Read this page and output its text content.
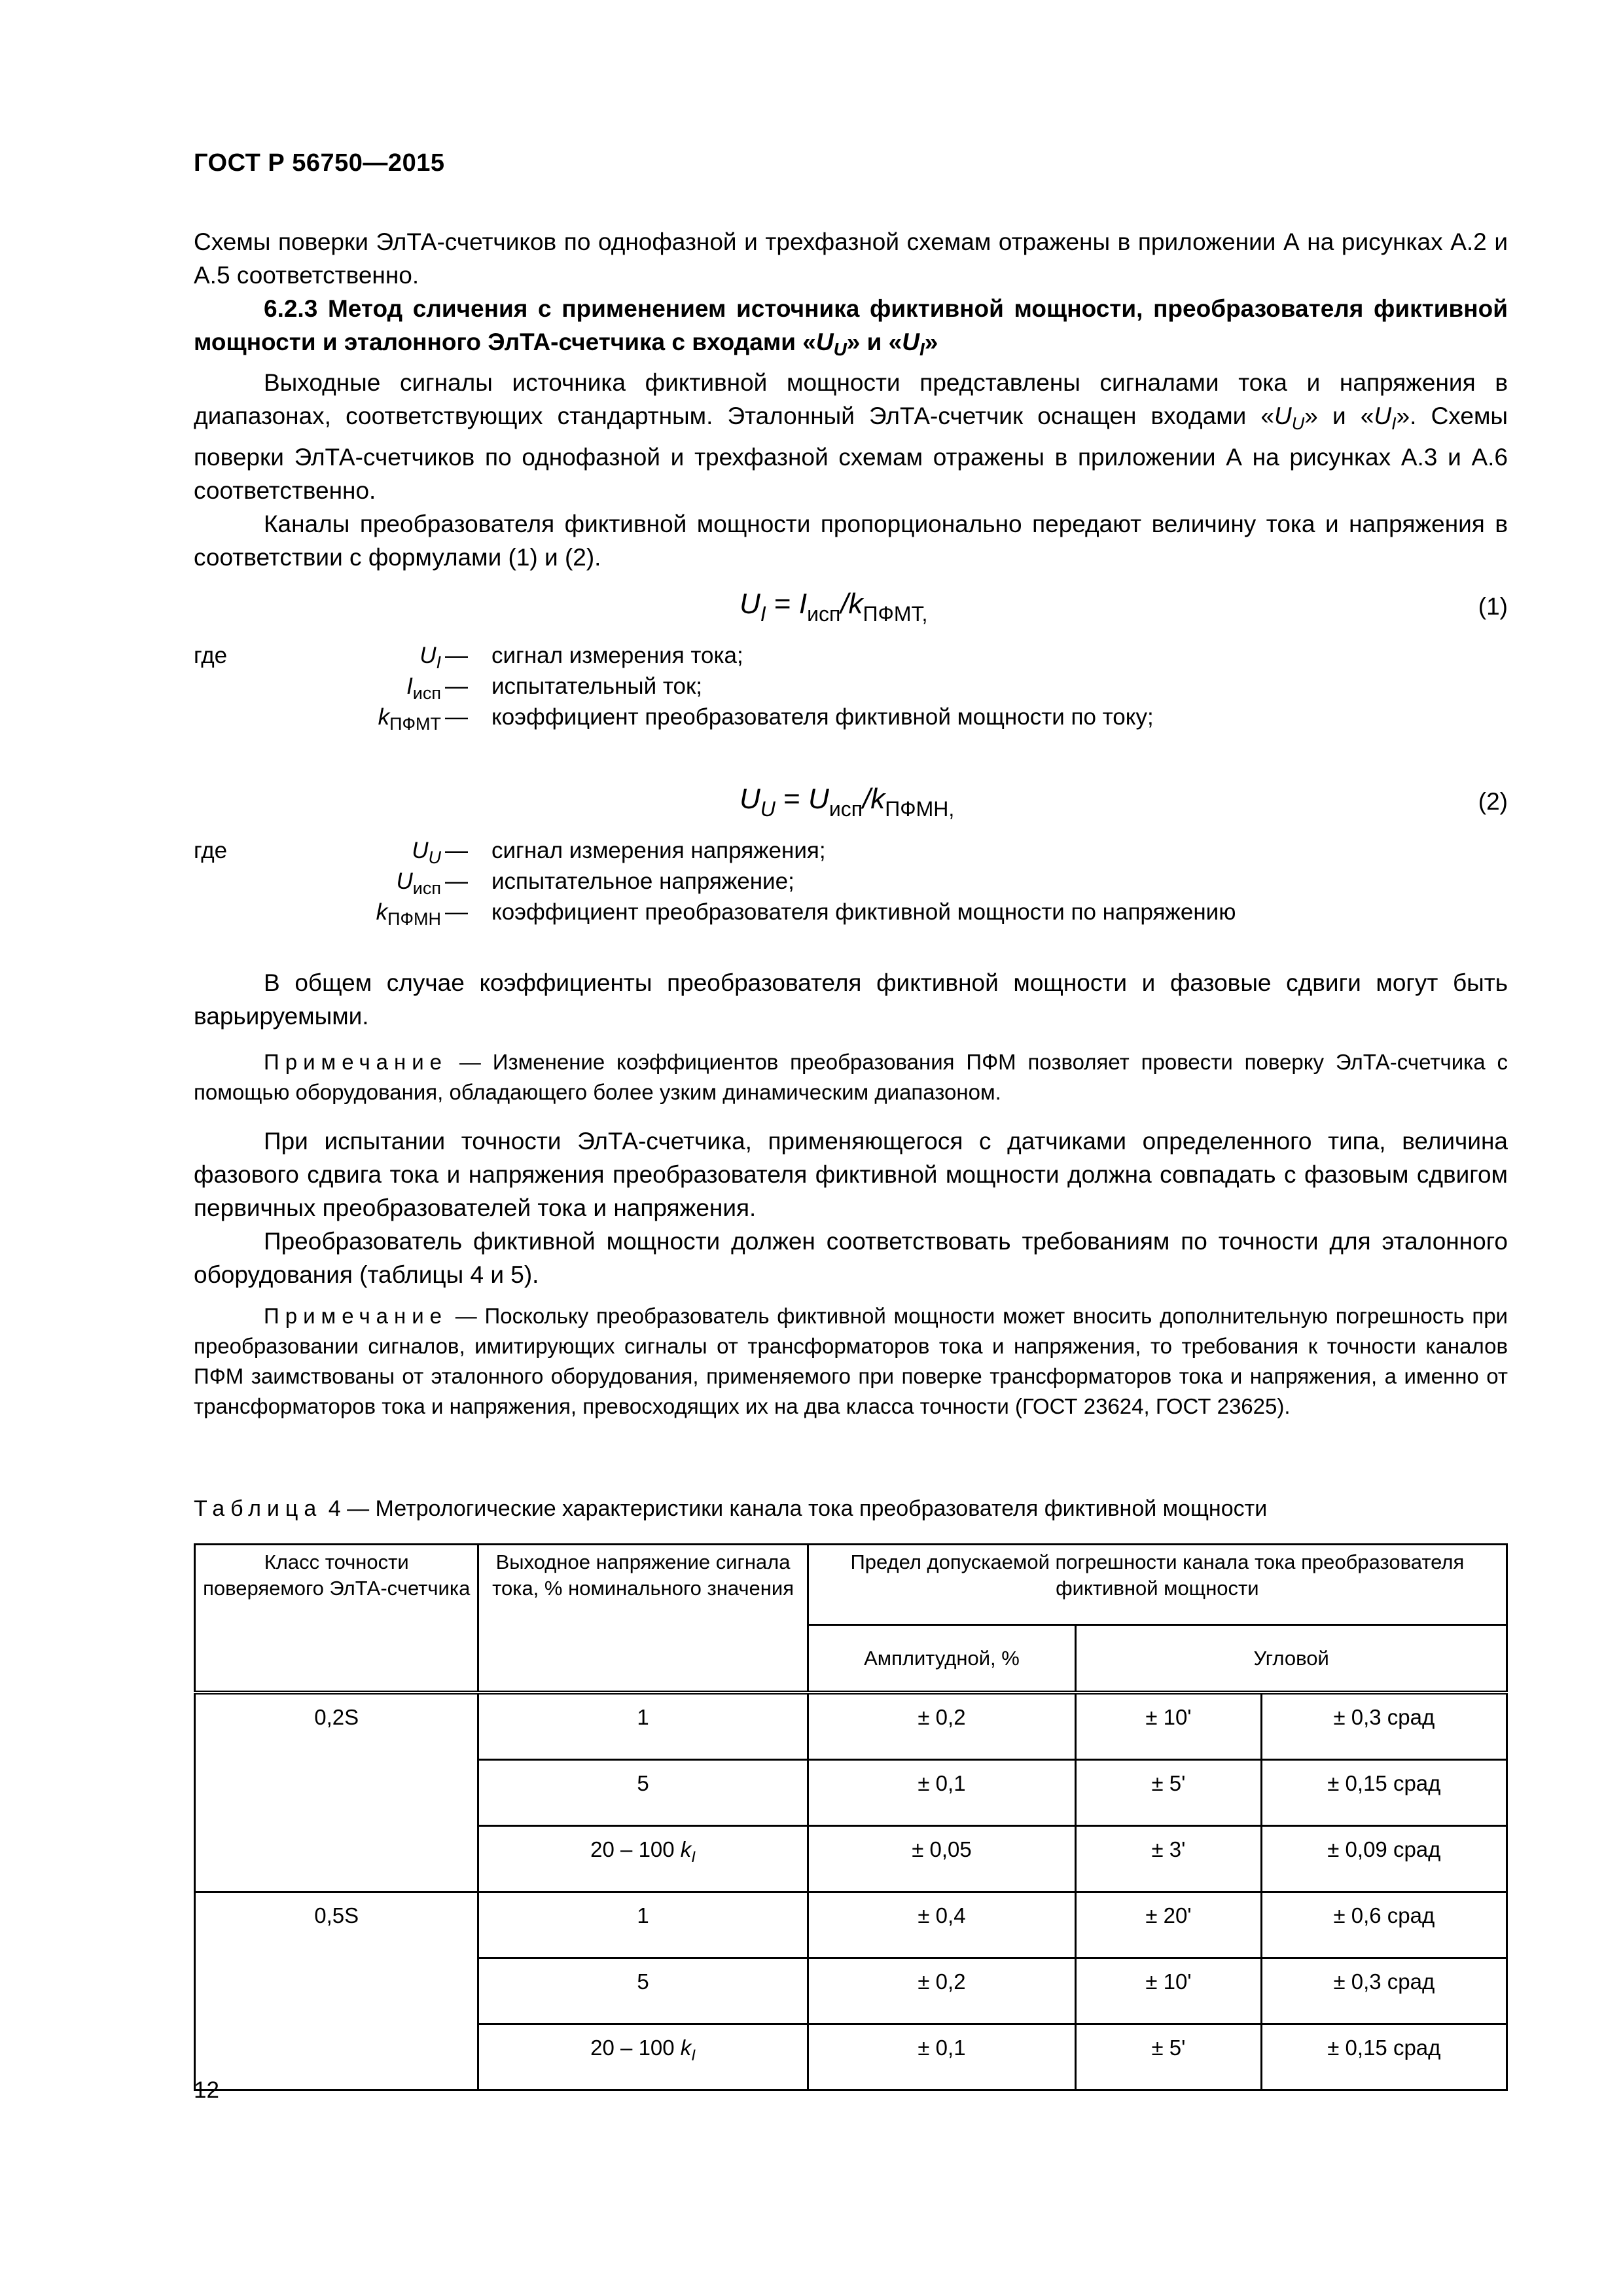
ГОСТ Р 56750—2015

Схемы поверки ЭлТА-счетчиков по однофазной и трехфазной схемам отражены в приложении А на рисунках А.2 и А.5 соответственно.

6.2.3 Метод сличения с применением источника фиктивной мощности, преобразователя фиктивной мощности и эталонного ЭлТА-счетчика с входами «$U_U$» и «$U_I$»

Выходные сигналы источника фиктивной мощности представлены сигналами тока и напряжения в диапазонах, соответствующих стандартным. Эталонный ЭлТА-счетчик оснащен входами «$U_U$» и «$U_I$». Схемы поверки ЭлТА-счетчиков по однофазной и трехфазной схемам отражены в приложении А на рисунках А.3 и А.6 соответственно.

Каналы преобразователя фиктивной мощности пропорционально передают величину тока и напряжения в соответствии с формулами (1) и (2).

$U_I = I_{исп}/k_{ПФМТ,}$	(1)
где	$U_I$ — сигнал измерения тока;
$I_{исп}$ — испытательный ток;
$k_{ПФМТ}$ — коэффициент преобразователя фиктивной мощности по току;
$U_U = U_{исп}/k_{ПФМН,}$	(2)
где	$U_U$ — сигнал измерения напряжения;
$U_{исп}$ — испытательное напряжение;
$k_{ПФМН}$ — коэффициент преобразователя фиктивной мощности по напряжению

В общем случае коэффициенты преобразователя фиктивной мощности и фазовые сдвиги могут быть варьируемыми.

Примечание — Изменение коэффициентов преобразования ПФМ позволяет провести поверку ЭлТА-счетчика с помощью оборудования, обладающего более узким динамическим диапазоном.

При испытании точности ЭлТА-счетчика, применяющегося с датчиками определенного типа, величина фазового сдвига тока и напряжения преобразователя фиктивной мощности должна совпадать с фазовым сдвигом первичных преобразователей тока и напряжения.

Преобразователь фиктивной мощности должен соответствовать требованиям по точности для эталонного оборудования (таблицы 4 и 5).

Примечание — Поскольку преобразователь фиктивной мощности может вносить дополнительную погрешность при преобразовании сигналов, имитирующих сигналы от трансформаторов тока и напряжения, то требования к точности каналов ПФМ заимствованы от эталонного оборудования, применяемого при поверке трансформаторов тока и напряжения, а именно от трансформаторов тока и напряжения, превосходящих их на два класса точности (ГОСТ 23624, ГОСТ 23625).
Таблица 4 — Метрологические характеристики канала тока преобразователя фиктивной мощности
Класс точности поверяемого ЭлТА-счетчика	Выходное напряжение сигнала тока, % номинального значения	Предел допускаемой погрешности канала тока преобразователя фиктивной мощности		
		Амплитудной, %	Угловой	
0,2S	1	± 0,2	± 10'	± 0,3 срад
	5	± 0,1	± 5'	± 0,15 срад
	20 – 100 $k_I$	± 0,05	± 3'	± 0,09 срад
0,5S	1	± 0,4	± 20'	± 0,6 срад
	5	± 0,2	± 10'	± 0,3 срад
	20 – 100 $k_I$	± 0,1	± 5'	± 0,15 срад
12
